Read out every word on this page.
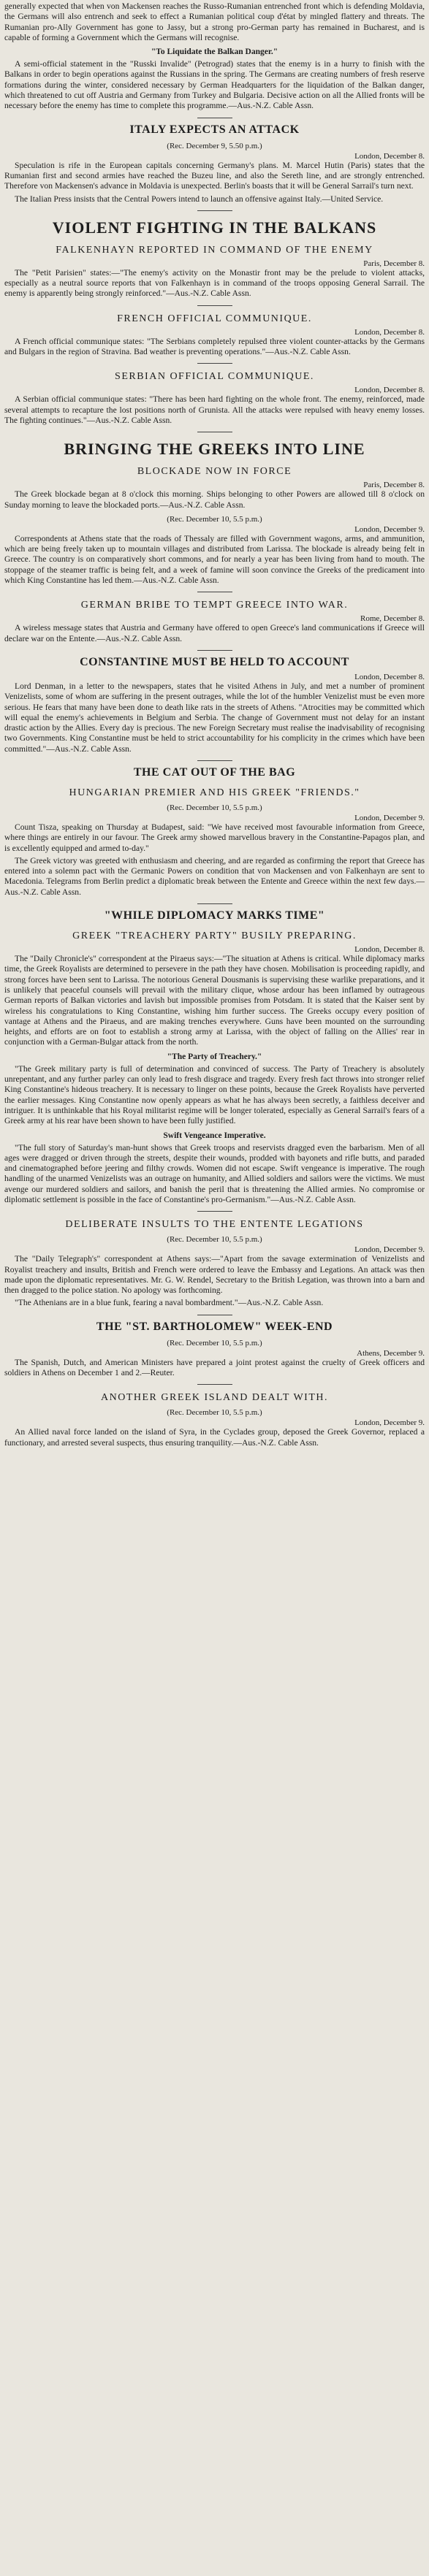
generally expected that when von Mackensen reaches the Russo-Rumanian entrenched front which is defending Moldavia, the Germans will also entrench and seek to effect a Rumanian political coup d'état by mingled flattery and threats. The Rumanian pro-Ally Government has gone to Jassy, but a strong pro-German party has remained in Bucharest, and is capable of forming a Government which the Germans will recognise.

"To Liquidate the Balkan Danger."

A semi-official statement in the "Russki Invalide" (Petrograd) states that the enemy is in a hurry to finish with the Balkans in order to begin operations against the Russians in the spring. The Germans are creating numbers of fresh reserve formations during the winter, considered necessary by German Headquarters for the liquidation of the Balkan danger, which threatened to cut off Austria and Germany from Turkey and Bulgaria. Decisive action on all the Allied fronts will be necessary before the enemy has time to complete this programme.—Aus.-N.Z. Cable Assn.

ITALY EXPECTS AN ATTACK
(Rec. December 9, 5.50 p.m.)
London, December 8.

Speculation is rife in the European capitals concerning Germany's plans. M. Marcel Hutin (Paris) states that the Rumanian first and second armies have reached the Buzeu line, and also the Sereth line, and are strongly entrenched. Therefore von Mackensen's advance in Moldavia is unexpected. Berlin's boasts that it will be General Sarrail's turn next.

The Italian Press insists that the Central Powers intend to launch an offensive against Italy.—United Service.

VIOLENT FIGHTING IN THE BALKANS
FALKENHAYN REPORTED IN COMMAND OF THE ENEMY
Paris, December 8.

The "Petit Parisien" states:—"The enemy's activity on the Monastir front may be the prelude to violent attacks, especially as a neutral source reports that von Falkenhayn is in command of the troops opposing General Sarrail. The enemy is apparently being strongly reinforced."—Aus.-N.Z. Cable Assn.

FRENCH OFFICIAL COMMUNIQUE.
London, December 8.

A French official communique states: "The Serbians completely repulsed three violent counter-attacks by the Germans and Bulgars in the region of Stravina. Bad weather is preventing operations."—Aus.-N.Z. Cable Assn.

SERBIAN OFFICIAL COMMUNIQUE.
London, December 8.

A Serbian official communique states: "There has been hard fighting on the whole front. The enemy, reinforced, made several attempts to recapture the lost positions north of Grunista. All the attacks were repulsed with heavy enemy losses. The fighting continues."—Aus.-N.Z. Cable Assn.

BRINGING THE GREEKS INTO LINE
BLOCKADE NOW IN FORCE
Paris, December 8.

The Greek blockade began at 8 o'clock this morning. Ships belonging to other Powers are allowed till 8 o'clock on Sunday morning to leave the blockaded ports.—Aus.-N.Z. Cable Assn.

(Rec. December 10, 5.5 p.m.)
London, December 9.

Correspondents at Athens state that the roads of Thessaly are filled with Government wagons, arms, and ammunition, which are being freely taken up to mountain villages and distributed from Larissa. The blockade is already being felt in Greece. The country is on comparatively short commons, and for nearly a year has been living from hand to mouth. The stoppage of the steamer traffic is being felt, and a week of famine will soon convince the Greeks of the predicament into which King Constantine has led them.—Aus.-N.Z. Cable Assn.

GERMAN BRIBE TO TEMPT GREECE INTO WAR.
Rome, December 8.

A wireless message states that Austria and Germany have offered to open Greece's land communications if Greece will declare war on the Entente.—Aus.-N.Z. Cable Assn.

CONSTANTINE MUST BE HELD TO ACCOUNT
London, December 8.

Lord Denman, in a letter to the newspapers, states that he visited Athens in July, and met a number of prominent Venizelists, some of whom are suffering in the present outrages, while the lot of the humbler Venizelist must be even more serious. He fears that many have been done to death like rats in the streets of Athens. "Atrocities may be committed which will equal the enemy's achievements in Belgium and Serbia. The change of Government must not delay for an instant drastic action by the Allies. Every day is precious. The new Foreign Secretary must realise the inadvisability of recognising two Governments. King Constantine must be held to strict accountability for his complicity in the crimes which have been committed."—Aus.-N.Z. Cable Assn.

THE CAT OUT OF THE BAG
HUNGARIAN PREMIER AND HIS GREEK "FRIENDS."
(Rec. December 10, 5.5 p.m.)
London, December 9.

Count Tisza, speaking on Thursday at Budapest, said: "We have received most favourable information from Greece, where things are entirely in our favour. The Greek army showed marvellous bravery in the Constantine-Papagos plan, and is excellently equipped and armed to-day."

The Greek victory was greeted with enthusiasm and cheering, and are regarded as confirming the report that Greece has entered into a solemn pact with the Germanic Powers on condition that von Mackensen and von Falkenhayn are sent to Macedonia. Telegrams from Berlin predict a diplomatic break between the Entente and Greece within the next few days.—Aus.-N.Z. Cable Assn.

"WHILE DIPLOMACY MARKS TIME"
GREEK "TREACHERY PARTY" BUSILY PREPARING.
London, December 8.

The "Daily Chronicle's" correspondent at the Piraeus says:—"The situation at Athens is critical. While diplomacy marks time, the Greek Royalists are determined to persevere in the path they have chosen. Mobilisation is proceeding rapidly, and strong forces have been sent to Larissa. The notorious General Dousmanis is supervising these warlike preparations, and it is unlikely that peaceful counsels will prevail with the military clique, whose ardour has been inflamed by outrageous German reports of Balkan victories and lavish but impossible promises from Potsdam. It is stated that the Kaiser sent by wireless his congratulations to King Constantine, wishing him further success. The Greeks occupy every position of vantage at Athens and the Piraeus, and are making trenches everywhere. Guns have been mounted on the surrounding heights, and efforts are on foot to establish a strong army at Larissa, with the object of falling on the Allies' rear in conjunction with a German-Bulgar attack from the north.

"The Party of Treachery."

"The Greek military party is full of determination and convinced of success. The Party of Treachery is absolutely unrepentant, and any further parley can only lead to fresh disgrace and tragedy. Every fresh fact throws into stronger relief King Constantine's hideous treachery. It is necessary to linger on these points, because the Greek Royalists have perverted the earlier messages. King Constantine now openly appears as what he has always been secretly, a faithless deceiver and intriguer. It is unthinkable that his Royal militarist regime will be longer tolerated, especially as General Sarrail's fears of a Greek army at his rear have been shown to have been fully justified.

Swift Vengeance Imperative.

"The full story of Saturday's man-hunt shows that Greek troops and reservists dragged even the barbarism. Men of all ages were dragged or driven through the streets, despite their wounds, prodded with bayonets and rifle butts, and paraded and cinematographed before jeering and filthy crowds. Women did not escape. Swift vengeance is imperative. The rough handling of the unarmed Venizelists was an outrage on humanity, and Allied soldiers and sailors were the victims. We must avenge our murdered soldiers and sailors, and banish the peril that is threatening the Allied armies. No compromise or diplomatic settlement is possible in the face of Constantine's pro-Germanism."—Aus.-N.Z. Cable Assn.

DELIBERATE INSULTS TO THE ENTENTE LEGATIONS
(Rec. December 10, 5.5 p.m.)
London, December 9.

The "Daily Telegraph's" correspondent at Athens says:—"Apart from the savage extermination of Venizelists and Royalist treachery and insults, British and French were ordered to leave the Embassy and Legations. An attack was then made upon the diplomatic representatives. Mr. G. W. Rendel, Secretary to the British Legation, was thrown into a barn and then dragged to the police station. No apology was forthcoming.

"The Athenians are in a blue funk, fearing a naval bombardment."—Aus.-N.Z. Cable Assn.

THE "ST. BARTHOLOMEW" WEEK-END
(Rec. December 10, 5.5 p.m.)
Athens, December 9.

The Spanish, Dutch, and American Ministers have prepared a joint protest against the cruelty of Greek officers and soldiers in Athens on December 1 and 2.—Reuter.

ANOTHER GREEK ISLAND DEALT WITH.
(Rec. December 10, 5.5 p.m.)
London, December 9.

An Allied naval force landed on the island of Syra, in the Cyclades group, deposed the Greek Governor, replaced a functionary, and arrested several suspects, thus ensuring tranquility.—Aus.-N.Z. Cable Assn.
